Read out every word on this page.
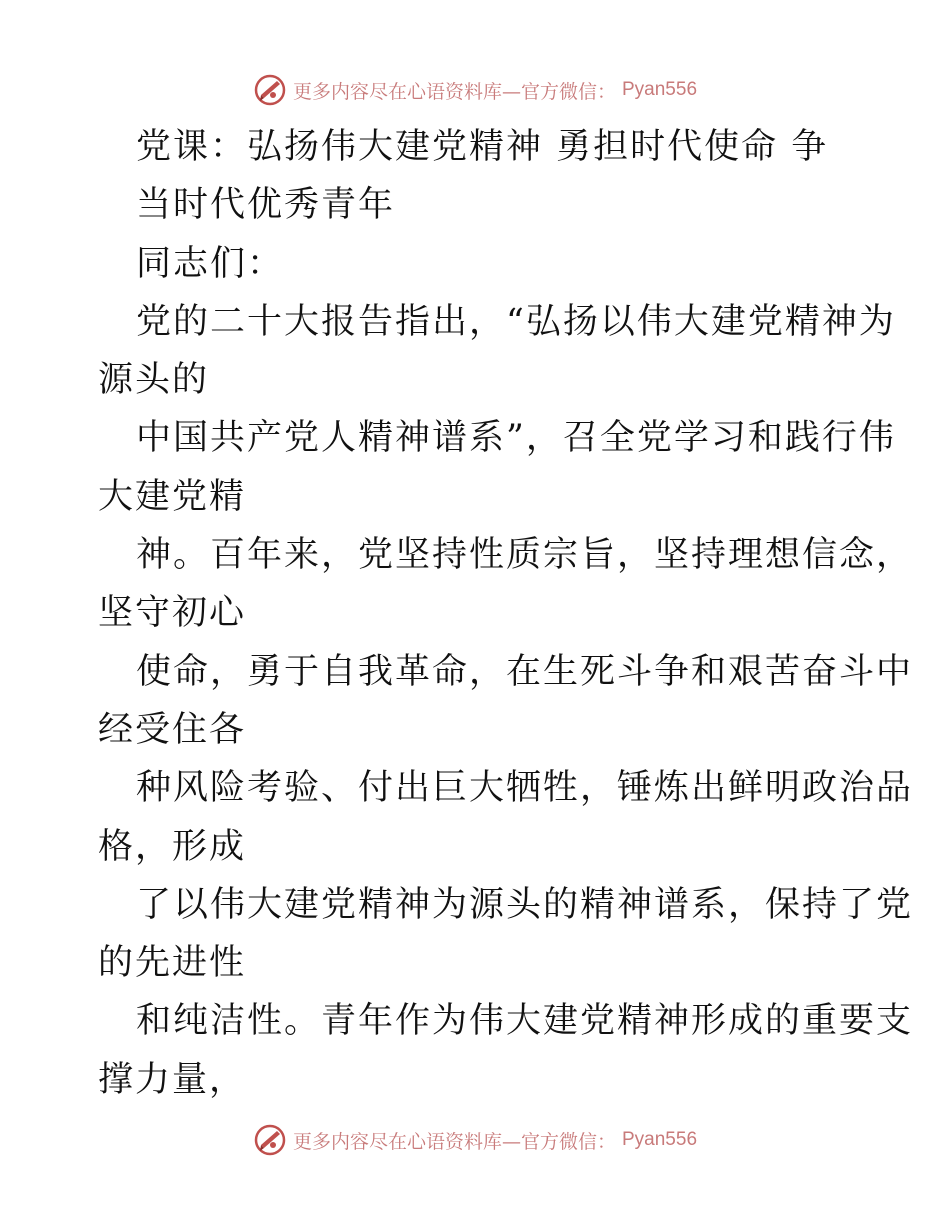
更多内容尽在心语资料库—官方微信： Pyan556
党课：弘扬伟大建党精神 勇担时代使命 争
当时代优秀青年
同志们：
党的二十大报告指出，“弘扬以伟大建党精神为
源头的
中国共产党人精神谱系”，召全党学习和践行伟
大建党精
神。百年来，党坚持性质宗旨，坚持理想信念，
坚守初心
使命，勇于自我革命，在生死斗争和艰苦奋斗中
经受住各
种风险考验、付出巨大牺牲，锤炼出鲜明政治品
格，形成
了以伟大建党精神为源头的精神谱系，保持了党
的先进性
和纯洁性。青年作为伟大建党精神形成的重要支
撑力量，
更多内容尽在心语资料库—官方微信： Pyan556
